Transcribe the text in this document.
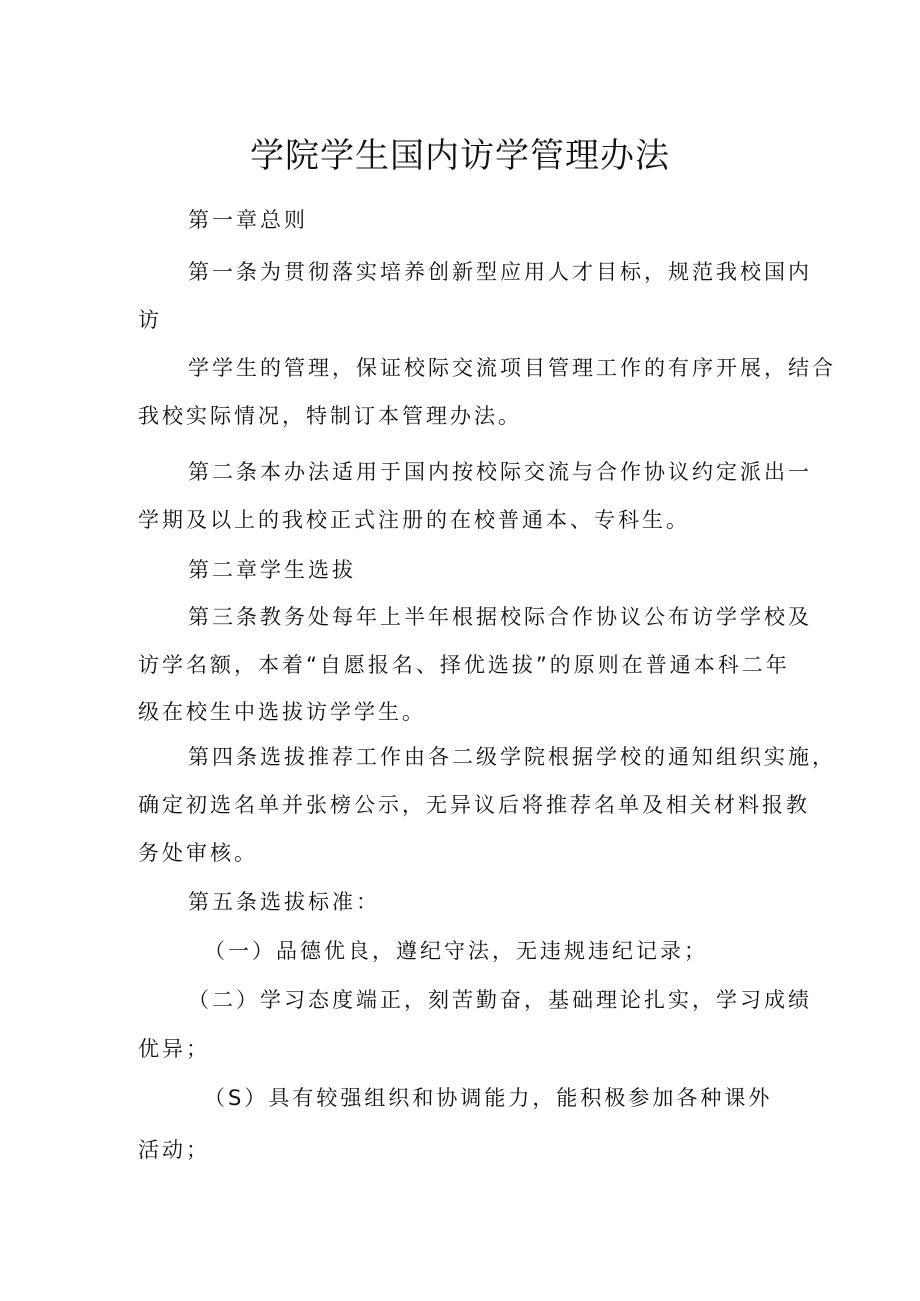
学院学生国内访学管理办法
第一章总则
第一条为贯彻落实培养创新型应用人才目标，规范我校国内
访
学学生的管理，保证校际交流项目管理工作的有序开展，结合
我校实际情况，特制订本管理办法。
第二条本办法适用于国内按校际交流与合作协议约定派出一
学期及以上的我校正式注册的在校普通本、专科生。
第二章学生选拔
第三条教务处每年上半年根据校际合作协议公布访学学校及
访学名额，本着“自愿报名、择优选拔”的原则在普通本科二年
级在校生中选拔访学学生。
第四条选拔推荐工作由各二级学院根据学校的通知组织实施，
确定初选名单并张榜公示，无异议后将推荐名单及相关材料报教
务处审核。
第五条选拔标准：
（一）品德优良，遵纪守法，无违规违纪记录；
（二）学习态度端正，刻苦勤奋，基础理论扎实，学习成绩
优异；
（S）具有较强组织和协调能力，能积极参加各种课外
活动；
